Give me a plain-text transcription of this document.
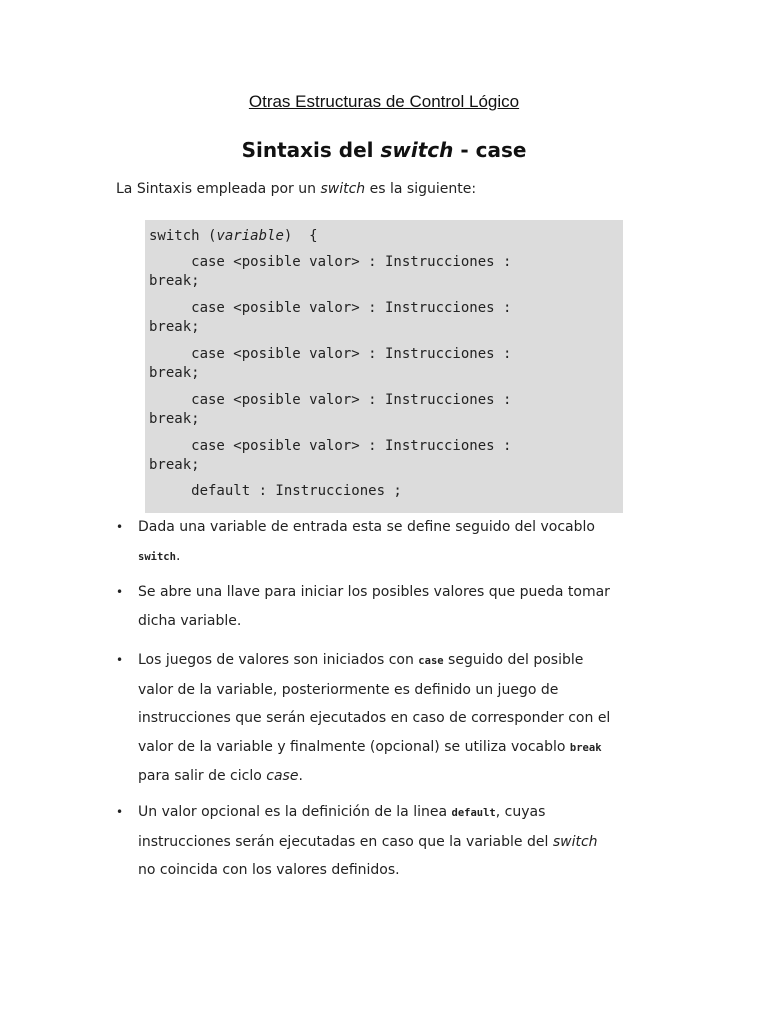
Otras Estructuras de Control Lógico
Sintaxis del switch - case
La Sintaxis empleada por un switch es la siguiente:
switch (variable)  {
case <posible valor> : Instrucciones :
break;
case <posible valor> : Instrucciones :
break;
case <posible valor> : Instrucciones :
break;
case <posible valor> : Instrucciones :
break;
case <posible valor> : Instrucciones :
break;
default : Instrucciones ;
• Dada una variable de entrada esta se define seguido del vocablo
switch.
• Se abre una llave para iniciar los posibles valores que pueda tomar
dicha variable.
• Los juegos de valores son iniciados con case seguido del posible
valor de la variable, posteriormente es definido un juego de
instrucciones que serán ejecutados en caso de corresponder con el
valor de la variable y finalmente (opcional) se utiliza vocablo break
para salir de ciclo case.
• Un valor opcional es la definición de la linea default, cuyas
instrucciones serán ejecutadas en caso que la variable del switch
no coincida con los valores definidos.
